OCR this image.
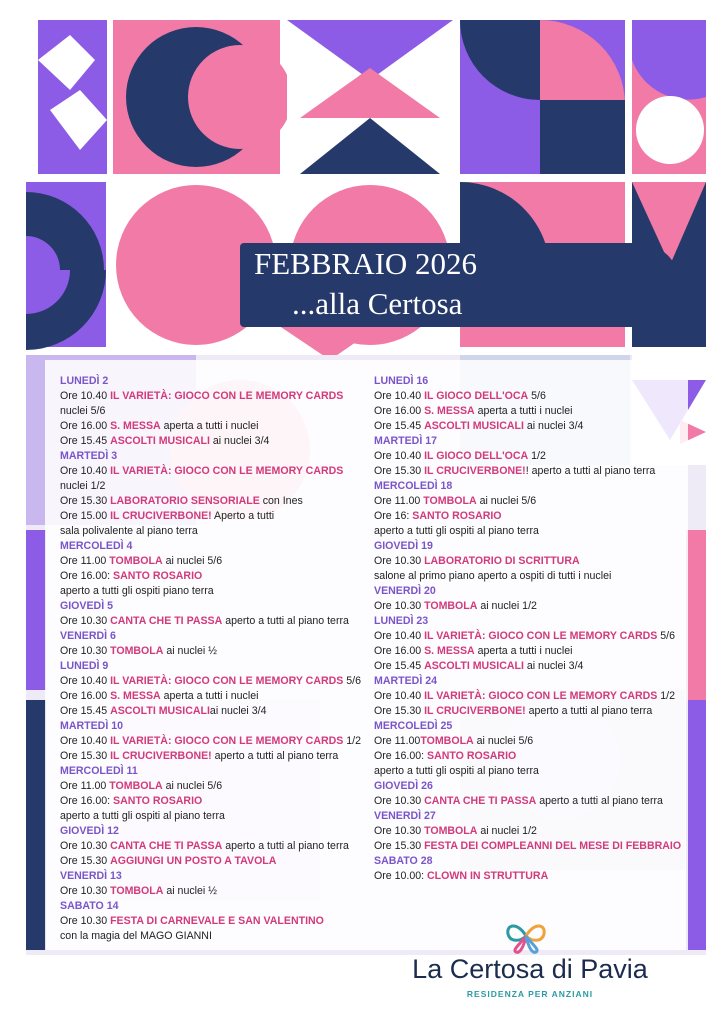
FEBBRAIO 2026
...alla Certosa
LUNEDÌ 2
Ore 10.40 IL VARIETÀ: GIOCO CON LE MEMORY CARDS
nuclei 5/6
Ore 16.00 S. MESSA aperta a tutti i nuclei
Ore 15.45 ASCOLTI MUSICALI ai nuclei 3/4
MARTEDÌ 3
Ore 10.40 IL VARIETÀ: GIOCO CON LE MEMORY CARDS
nuclei 1/2
Ore 15.30 LABORATORIO SENSORIALE con Ines
Ore 15.00 IL CRUCIVERBONE! Aperto a tutti
sala polivalente al piano terra
MERCOLEDÌ 4
Ore 11.00 TOMBOLA ai nuclei 5/6
Ore 16.00: SANTO ROSARIO
aperto a tutti gli ospiti piano terra
GIOVEDÌ 5
Ore 10.30 CANTA CHE TI PASSA aperto a tutti al piano terra
VENERDÌ 6
Ore 10.30 TOMBOLA ai nuclei ½
LUNEDÌ 9
Ore 10.40 IL VARIETÀ: GIOCO CON LE MEMORY CARDS 5/6
Ore 16.00 S. MESSA aperta a tutti i nuclei
Ore 15.45 ASCOLTI MUSICALIai nuclei 3/4
MARTEDÌ 10
Ore 10.40 IL VARIETÀ: GIOCO CON LE MEMORY CARDS 1/2
Ore 15.30 IL CRUCIVERBONE! aperto a tutti al piano terra
MERCOLEDÌ 11
Ore 11.00 TOMBOLA ai nuclei 5/6
Ore 16.00: SANTO ROSARIO
aperto a tutti gli ospiti al piano terra
GIOVEDÌ 12
Ore 10.30 CANTA CHE TI PASSA aperto a tutti al piano terra
Ore 15.30 AGGIUNGI UN POSTO A TAVOLA
VENERDÌ 13
Ore 10.30 TOMBOLA ai nuclei ½
SABATO 14
Ore 10.30 FESTA DI CARNEVALE E SAN VALENTINO
con la magia del MAGO GIANNI
LUNEDÌ 16
Ore 10.40 IL GIOCO DELL'OCA 5/6
Ore 16.00 S. MESSA aperta a tutti i nuclei
Ore 15.45 ASCOLTI MUSICALI ai nuclei 3/4
MARTEDÌ 17
Ore 10.40 IL GIOCO DELL'OCA 1/2
Ore 15.30 IL CRUCIVERBONE!! aperto a tutti al piano terra
MERCOLEDÌ 18
Ore 11.00 TOMBOLA ai nuclei 5/6
Ore 16: SANTO ROSARIO
aperto a tutti gli ospiti al piano terra
GIOVEDÌ 19
Ore 10.30 LABORATORIO DI SCRITTURA
salone al primo piano aperto a ospiti di tutti i nuclei
VENERDÌ 20
Ore 10.30 TOMBOLA ai nuclei 1/2
LUNEDÌ 23
Ore 10.40 IL VARIETÀ: GIOCO CON LE MEMORY CARDS 5/6
Ore 16.00 S. MESSA aperta a tutti i nuclei
Ore 15.45 ASCOLTI MUSICALI ai nuclei 3/4
MARTEDÌ 24
Ore 10.40 IL VARIETÀ: GIOCO CON LE MEMORY CARDS 1/2
Ore 15.30 IL CRUCIVERBONE! aperto a tutti al piano terra
MERCOLEDÌ 25
Ore 11.00TOMBOLA ai nuclei 5/6
Ore 16.00: SANTO ROSARIO
aperto a tutti gli ospiti al piano terra
GIOVEDÌ 26
Ore 10.30 CANTA CHE TI PASSA aperto a tutti al piano terra
VENERDÌ 27
Ore 10.30 TOMBOLA ai nuclei 1/2
Ore 15.30 FESTA DEI COMPLEANNI DEL MESE DI FEBBRAIO
SABATO 28
Ore 10.00: CLOWN IN STRUTTURA
La Certosa di Pavia
RESIDENZA PER ANZIANI
